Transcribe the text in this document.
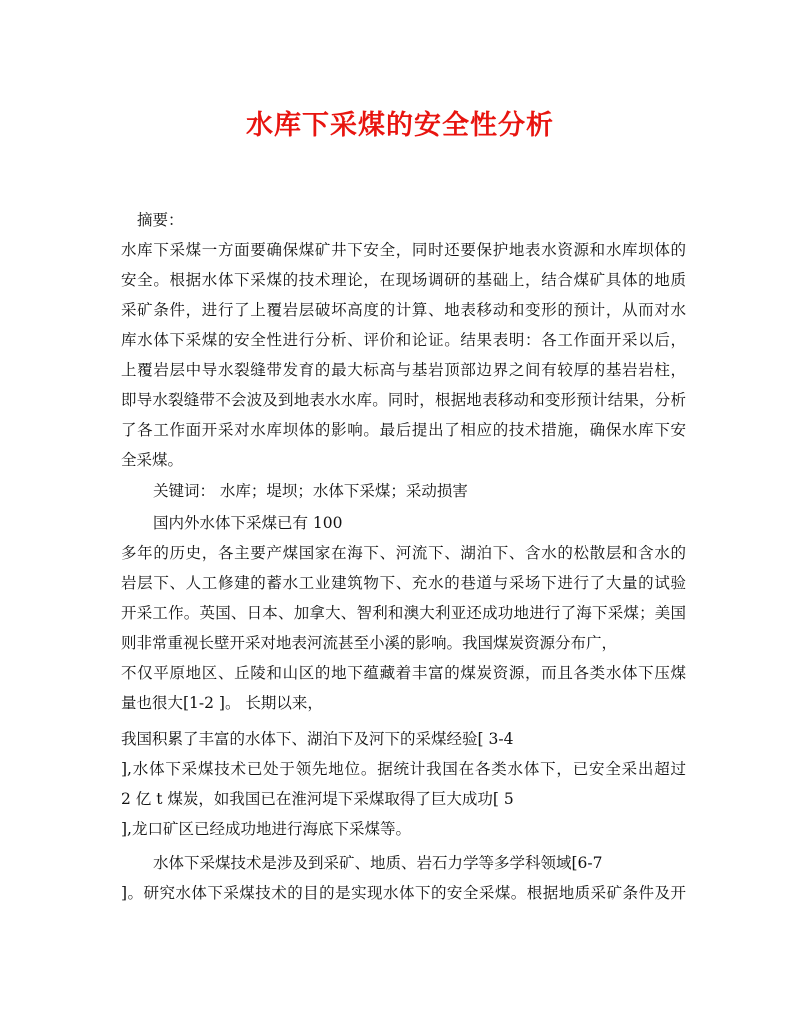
水库下采煤的安全性分析
摘要：
水库下采煤一方面要确保煤矿井下安全，同时还要保护地表水资源和水库坝体的
安全。根据水体下采煤的技术理论，在现场调研的基础上，结合煤矿具体的地质
采矿条件，进行了上覆岩层破坏高度的计算、地表移动和变形的预计，从而对水
库水体下采煤的安全性进行分析、评价和论证。结果表明：各工作面开采以后，
上覆岩层中导水裂缝带发育的最大标高与基岩顶部边界之间有较厚的基岩岩柱，
即导水裂缝带不会波及到地表水水库。同时，根据地表移动和变形预计结果，分析
了各工作面开采对水库坝体的影响。最后提出了相应的技术措施，确保水库下安
全采煤。
关键词： 水库；堤坝；水体下采煤；采动损害
国内外水体下采煤已有 100
多年的历史，各主要产煤国家在海下、河流下、湖泊下、含水的松散层和含水的
岩层下、人工修建的蓄水工业建筑物下、充水的巷道与采场下进行了大量的试验
开采工作。英国、日本、加拿大、智利和澳大利亚还成功地进行了海下采煤；美国
则非常重视长壁开采对地表河流甚至小溪的影响。我国煤炭资源分布广，
不仅平原地区、丘陵和山区的地下蕴藏着丰富的煤炭资源，而且各类水体下压煤
量也很大[1-2 ]。 长期以来，
我国积累了丰富的水体下、湖泊下及河下的采煤经验[ 3-4
],水体下采煤技术已处于领先地位。据统计我国在各类水体下，已安全采出超过
2 亿 t 煤炭，如我国已在淮河堤下采煤取得了巨大成功[ 5
],龙口矿区已经成功地进行海底下采煤等。
水体下采煤技术是涉及到采矿、地质、岩石力学等多学科领域[6-7
]。研究水体下采煤技术的目的是实现水体下的安全采煤。根据地质采矿条件及开
